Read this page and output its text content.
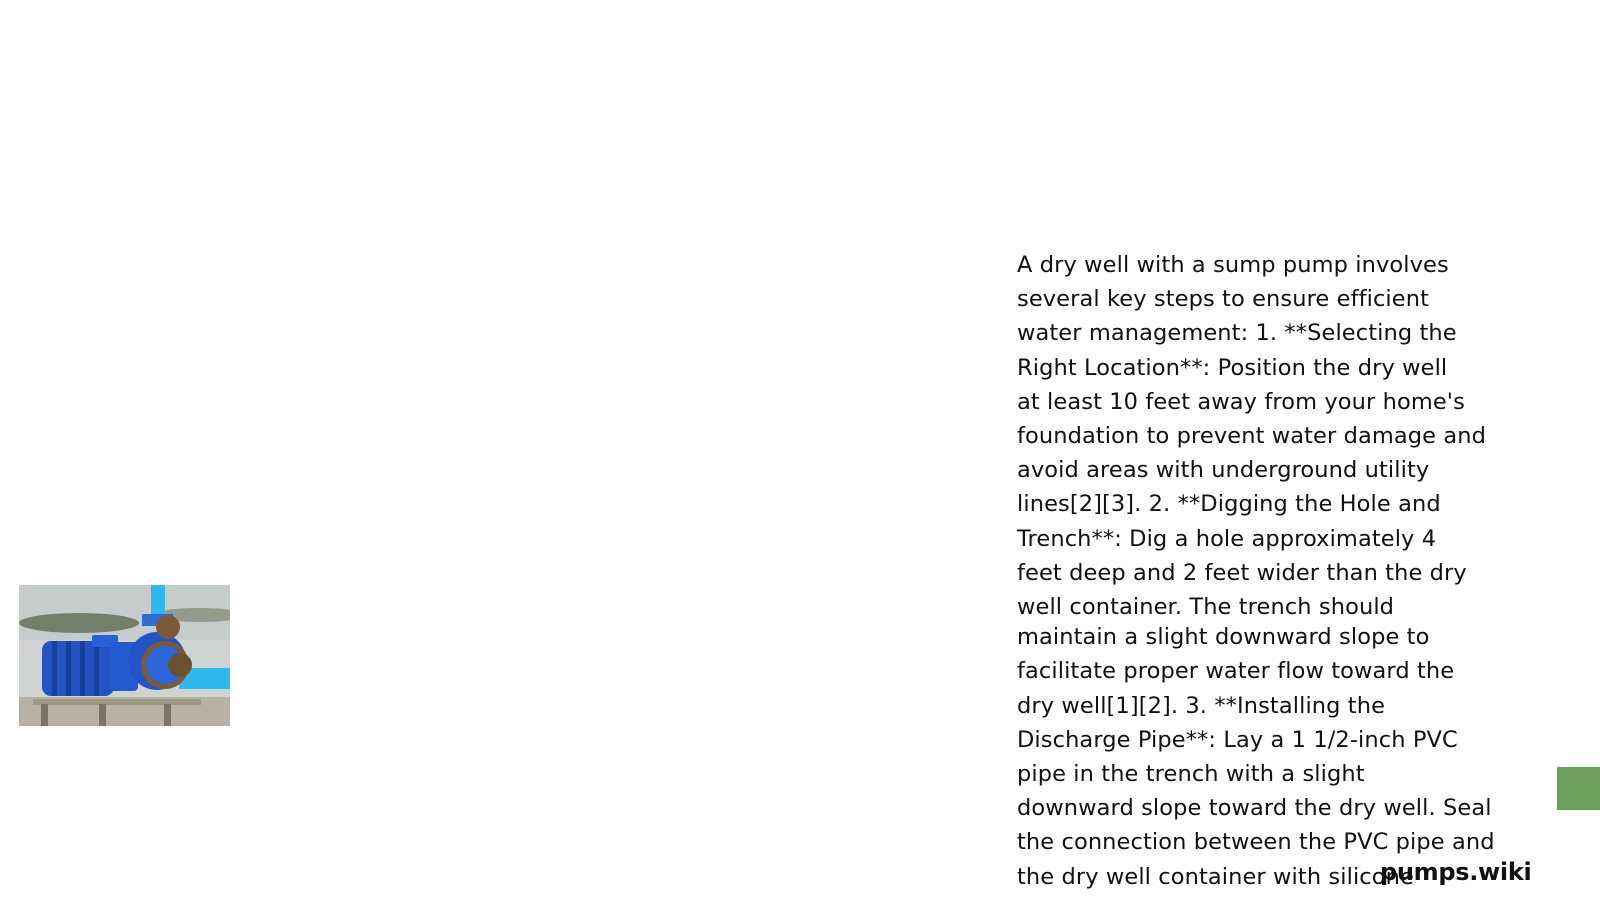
A dry well with a sump pump involves
several key steps to ensure efficient
water management: 1. **Selecting the
Right Location**: Position the dry well
at least 10 feet away from your home's
foundation to prevent water damage and
avoid areas with underground utility
lines[2][3]. 2. **Digging the Hole and
Trench**: Dig a hole approximately 4
feet deep and 2 feet wider than the dry
well container. The trench should

maintain a slight downward slope to
facilitate proper water flow toward the
dry well[1][2]. 3. **Installing the
Discharge Pipe**: Lay a 1 1/2-inch PVC
pipe in the trench with a slight
downward slope toward the dry well. Seal
the connection between the PVC pipe and
the dry well container with silicone

pumps.wiki
